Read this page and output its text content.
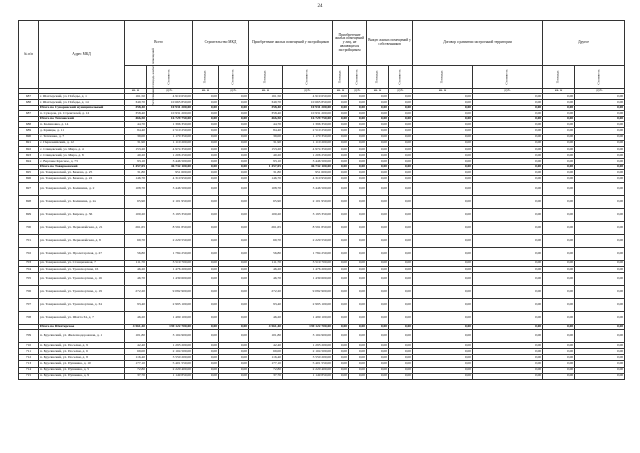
24
№ п/п	Адрес МКД	Всего		Строительство МКД		Приобретение жилых помещений у застройщиков		Приобретение жилых помещений у лиц, не являющихся застройщиком		Выкуп жилых помещений у собственников		Договор о развитии застроенной территории		Другое	
		Расселяемая площадь жилых помещений	Стоимость	Площадь	Стоимость	Площадь	Стоимость	Площадь	Стоимость	Площадь	Стоимость	Площадь	Стоимость	Площадь	Стоимость
		кв. м	руб.	кв. м	руб.	кв. м	руб.	кв. м	руб.	кв. м	руб.	кв. м	руб.	кв. м	руб.
687	г. Шахтерский, ул. Победы, д. 1	161,50	4 919 650,00	0,00	0,00	161,50	4 919 650,00	0,00	0,00	0,00	0,00	0,00	0,00	0,00	0,00
688	г. Шахтерский, ул. Победы, д. 14	349,70	10 665 850,00	0,00	0,00	349,70	10 665 850,00	0,00	0,00	0,00	0,00	0,00	0,00	0,00	0,00
	Итого по Суворовский муниципальный	358,40	10 931 200,00	0,00	0,00	358,40	10 931 200,00	0,00	0,00	0,00	0,00	0,00	0,00	0,00	0,00
687	п. Суворов, ул. Строителей, д. 12	358,40	10 931 200,00	0,00	0,00	358,40	10 931 200,00	0,00	0,00	0,00	0,00	0,00	0,00	0,00	0,00
	Итого по Тепловский	466,50	16 729 750,00	0,00	0,00	466,50	16 729 750,00	0,00	0,00	0,00	0,00	0,00	0,00	0,00	0,00
688	п. Калиновка, д. 14	44,70	1 396 350,00	0,00	0,00	44,70	1 396 350,00	0,00	0,00	0,00	0,00	0,00	0,00	0,00	0,00
689	д. Кривцы, д. 11	84,40	2 510 250,00	0,00	0,00	84,40	2 510 250,00	0,00	0,00	0,00	0,00	0,00	0,00	0,00	0,00
690	с. Тепловка, д. 7	39,00	1 170 350,00	0,00	0,00	39,00	1 170 350,00	0,00	0,00	0,00	0,00	0,00	0,00	0,00	0,00
691	с. Первомайский, д. 12	31,90	1 110 200,00	0,00	0,00	31,90	1 110 200,00	0,00	0,00	0,00	0,00	0,00	0,00	0,00	0,00
692	с. Спицевский, ул. Мира, д. 4	153,20	4 974 350,00	0,00	0,00	153,20	4 974 350,00	0,00	0,00	0,00	0,00	0,00	0,00	0,00	0,00
693	с. Спицевский, ул. Мира, д. 8	40,20	1 206 250,00	0,00	0,00	40,20	1 206 250,00	0,00	0,00	0,00	0,00	0,00	0,00	0,00	0,00
694	с. Верхнее Красное, д. 73	93,10	3 446 500,00	0,00	0,00	93,10	3 446 500,00	0,00	0,00	0,00	0,00	0,00	0,00	0,00	0,00
	Итого по Товарковский	1 457,05	46 732 100,00	0,00	0,00	1 457,05	46 732 100,00	0,00	0,00	0,00	0,00	0,00	0,00	0,00	0,00
695	рп. Товарковский, ул. Бажова, д. 25	31,80	951 600,00	0,00	0,00	31,80	951 600,00	0,00	0,00	0,00	0,00	0,00	0,00	0,00	0,00
696	рп. Товарковский, ул. Бажова, д. 22	146,70	4 310 950,00	0,00	0,00	146,70	4 310 950,00	0,00	0,00	0,00	0,00	0,00	0,00	0,00	0,00
697	рп. Товарковский, ул. Калинина, д. 2	108,70	3 446 500,00	0,00	0,00	108,70	3 446 500,00	0,00	0,00	0,00	0,00	0,00	0,00	0,00	0,00
698	рп. Товарковский, ул. Калинина, д. 2а	65,90	2 101 950,00	0,00	0,00	65,90	2 101 950,00	0,00	0,00	0,00	0,00	0,00	0,00	0,00	0,00
699	рп. Товарковский, ул. Кирова, д. 36	100,20	3 193 350,00	0,00	0,00	100,20	3 193 350,00	0,00	0,00	0,00	0,00	0,00	0,00	0,00	0,00
700	рп. Товарковский, ул. Первомайская, д. 21	261,65	8 591 850,00	0,00	0,00	261,65	8 591 850,00	0,00	0,00	0,00	0,00	0,00	0,00	0,00	0,00
701	рп. Товарковский, ул. Первомайская, д. 8	69,70	2 229 550,00	0,00	0,00	69,70	2 229 550,00	0,00	0,00	0,00	0,00	0,00	0,00	0,00	0,00
702	рп. Товарковский, ул. Пролетарская, д. 27	56,80	1 784 250,00	0,00	0,00	56,80	1 784 250,00	0,00	0,00	0,00	0,00	0,00	0,00	0,00	0,00
703	рп. Товарковский, ул. Станционная, 7	111,70	3 519 700,00	0,00	0,00	111,70	3 519 700,00	0,00	0,00	0,00	0,00	0,00	0,00	0,00	0,00
704	рп. Товарковский, ул. Трансвортная, 16	46,20	1 476 200,00	0,00	0,00	46,20	1 476 200,00	0,00	0,00	0,00	0,00	0,00	0,00	0,00	0,00
705	рп. Товарковский, ул. Трансвортная, д. 16	46,70	1 439 600,00	0,00	0,00	46,70	1 439 600,00	0,00	0,00	0,00	0,00	0,00	0,00	0,00	0,00
706	рп. Товарковский, ул. Трансвортная, д. 19	272,20	9 082 900,00	0,00	0,00	272,20	9 082 900,00	0,00	0,00	0,00	0,00	0,00	0,00	0,00	0,00
707	рп. Товарковский, ул. Трансвортная, д. 34	93,40	2 995 100,00	0,00	0,00	93,40	2 995 100,00	0,00	0,00	0,00	0,00	0,00	0,00	0,00	0,00
708	рп. Товарковский, ул. Шахта 34, д. 7	46,20	1 499 100,00	0,00	0,00	46,20	1 499 100,00	0,00	0,00	0,00	0,00	0,00	0,00	0,00	0,00
	Итого по Шахтерское	4 561,40	139 122 700,00	0,00	0,00	4 561,40	139 122 700,00	0,00	0,00	0,00	0,00	0,00	0,00	0,00	0,00
709	п. Брусянский, ул. Железнодорожная, д. 1	101,80	3 104 900,00	0,00	0,00	101,80	3 104 900,00	0,00	0,00	0,00	0,00	0,00	0,00	0,00	0,00
710	п. Брусянский, ул. Поселки, д. 9	42,40	1 293 200,00	0,00	0,00	42,40	1 293 200,00	0,00	0,00	0,00	0,00	0,00	0,00	0,00	0,00
711	п. Брусянский, ул. Поселки, д. 6	69,00	2 104 500,00	0,00	0,00	69,00	2 104 500,00	0,00	0,00	0,00	0,00	0,00	0,00	0,00	0,00
712	п. Брусянский, ул. Поселки, д. 8	116,40	3 550 200,00	0,00	0,00	116,40	3 550 200,00	0,00	0,00	0,00	0,00	0,00	0,00	0,00	0,00
713	п. Брусянский, ул. Пушкина, д. 10	177,10	5 401 550,00	0,00	0,00	177,10	5 401 550,00	0,00	0,00	0,00	0,00	0,00	0,00	0,00	0,00
714	п. Брусянский, ул. Пушкина, д. 5	72,80	2 220 400,00	0,00	0,00	72,80	2 220 400,00	0,00	0,00	0,00	0,00	0,00	0,00	0,00	0,00
715	п. Брусянский, ул. Пушкина, д. 9	37,70	1 149 850,00	0,00	0,00	37,70	1 149 850,00	0,00	0,00	0,00	0,00	0,00	0,00	0,00	0,00
